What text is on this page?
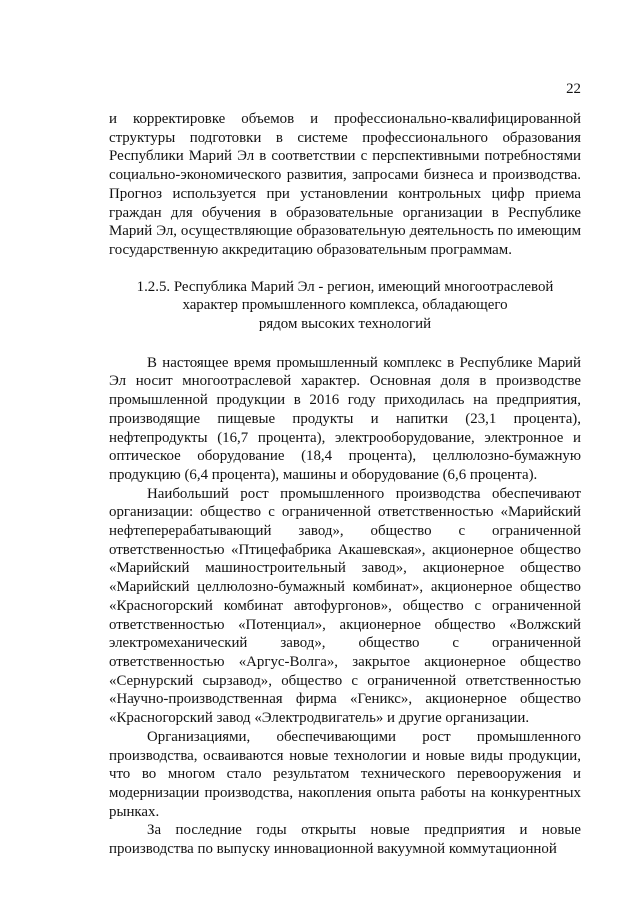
22

и корректировке объемов и профессионально-квалифицированной структуры подготовки в системе профессионального образования Республики Марий Эл в соответствии с перспективными потребностями социально-экономического развития, запросами бизнеса и производства. Прогноз используется при установлении контрольных цифр приема граждан для обучения в образовательные организации в Республике Марий Эл, осуществляющие образовательную деятельность по имеющим государственную аккредитацию образовательным программам.

1.2.5. Республика Марий Эл - регион, имеющий многоотраслевой
характер промышленного комплекса, обладающего
рядом высоких технологий

В настоящее время промышленный комплекс в Республике Марий Эл носит многоотраслевой характер. Основная доля в производстве промышленной продукции в 2016 году приходилась на предприятия, производящие пищевые продукты и напитки (23,1 процента), нефтепродукты (16,7 процента), электрооборудование, электронное и оптическое оборудование (18,4 процента), целлюлозно-бумажную продукцию (6,4 процента), машины и оборудование (6,6 процента).

Наибольший рост промышленного производства обеспечивают организации: общество с ограниченной ответственностью «Марийский нефтеперерабатывающий завод», общество с ограниченной ответственностью «Птицефабрика Акашевская», акционерное общество «Марийский машиностроительный завод», акционерное общество «Марийский целлюлозно-бумажный комбинат», акционерное общество «Красногорский комбинат автофургонов», общество с ограниченной ответственностью «Потенциал», акционерное общество «Волжский электромеханический завод», общество с ограниченной ответственностью «Аргус-Волга», закрытое акционерное общество «Сернурский сырзавод», общество с ограниченной ответственностью «Научно-производственная фирма «Геникс», акционерное общество «Красногорский завод «Электродвигатель» и другие организации.

Организациями, обеспечивающими рост промышленного производства, осваиваются новые технологии и новые виды продукции, что во многом стало результатом технического перевооружения и модернизации производства, накопления опыта работы на конкурентных рынках.

За последние годы открыты новые предприятия и новые производства по выпуску инновационной вакуумной коммутационной
